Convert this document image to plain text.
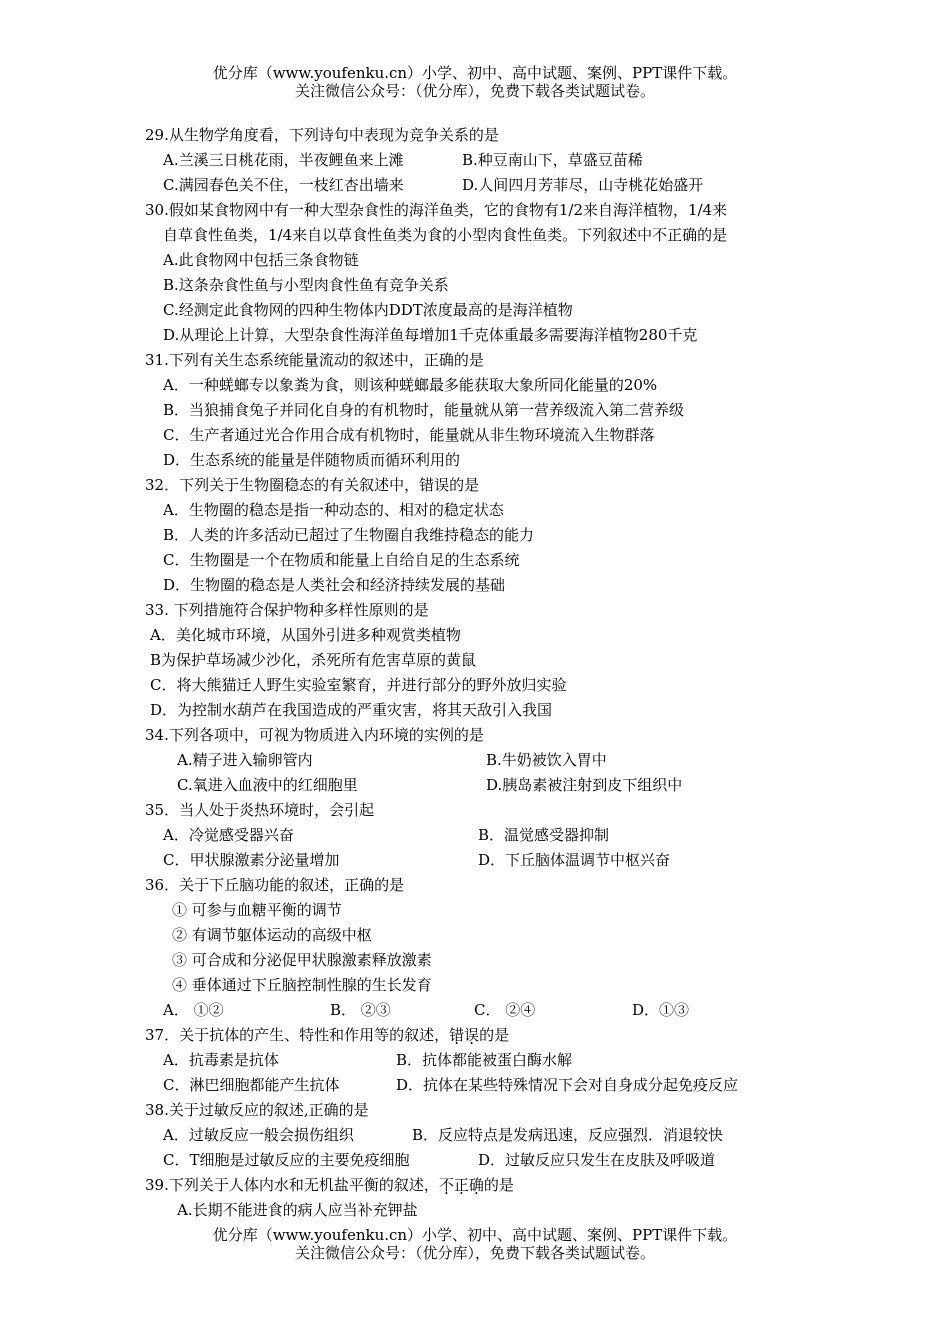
优分库（www.youfenku.cn）小学、初中、高中试题、案例、PPT课件下载。
关注微信公众号：（优分库），免费下载各类试题试卷。
29.从生物学角度看，下列诗句中表现为竞争关系的是
A.兰溪三日桃花雨，半夜鲤鱼来上滩	B.种豆南山下，草盛豆苗稀
C.满园春色关不住，一枝红杏出墙来	D.人间四月芳菲尽，山寺桃花始盛开
30.假如某食物网中有一种大型杂食性的海洋鱼类，它的食物有1/2来自海洋植物，1/4来
自草食性鱼类，1/4来自以草食性鱼类为食的小型肉食性鱼类。下列叙述中不正确的是
A.此食物网中包括三条食物链
B.这条杂食性鱼与小型肉食性鱼有竞争关系
C.经测定此食物网的四种生物体内DDT浓度最高的是海洋植物
D.从理论上计算，大型杂食性海洋鱼每增加1千克体重最多需要海洋植物280千克
31.下列有关生态系统能量流动的叙述中，正确的是
A．一种蜣螂专以象粪为食，则该种蜣螂最多能获取大象所同化能量的20%
B．当狼捕食兔子并同化自身的有机物时，能量就从第一营养级流入第二营养级
C．生产者通过光合作用合成有机物时，能量就从非生物环境流入生物群落
D．生态系统的能量是伴随物质而循环利用的
32．下列关于生物圈稳态的有关叙述中，错误的是
A．生物圈的稳态是指一种动态的、相对的稳定状态
B．人类的许多活动已超过了生物圈自我维持稳态的能力
C．生物圈是一个在物质和能量上自给自足的生态系统
D．生物圈的稳态是人类社会和经济持续发展的基础
33. 下列措施符合保护物种多样性原则的是
A．美化城市环境，从国外引进多种观赏类植物
B为保护草场减少沙化，杀死所有危害草原的黄鼠
C．将大熊猫迁人野生实验室繁育，并进行部分的野外放归实验
D．为控制水葫芦在我国造成的严重灾害，将其天敌引入我国
34.下列各项中，可视为物质进入内环境的实例的是
A.精子进入输卵管内	B.牛奶被饮入胃中
C.氧进入血液中的红细胞里	D.胰岛素被注射到皮下组织中
35．当人处于炎热环境时，会引起
A．冷觉感受器兴奋	B．温觉感受器抑制
C．甲状腺激素分泌量增加	D．下丘脑体温调节中枢兴奋
36．关于下丘脑功能的叙述，正确的是
① 可参与血糖平衡的调节
② 有调节躯体运动的高级中枢
③ 可合成和分泌促甲状腺激素释放激素
④ 垂体通过下丘脑控制性腺的生长发育
A． ①②	B． ②③	C． ②④	D．①③
37．关于抗体的产生、特性和作用等的叙述，错误的是
A．抗毒素是抗体	B．抗体都能被蛋白酶水解
C．淋巴细胞都能产生抗体	D．抗体在某些特殊情况下会对自身成分起免疫反应
38.关于过敏反应的叙述,正确的是
A．过敏反应一般会损伤组织	B．反应特点是发病迅速，反应强烈．消退较快
C．T细胞是过敏反应的主要免疫细胞	D．过敏反应只发生在皮肤及呼吸道
39.下列关于人体内水和无机盐平衡的叙述，不正确的是
A.长期不能进食的病人应当补充钾盐
优分库（www.youfenku.cn）小学、初中、高中试题、案例、PPT课件下载。
关注微信公众号：（优分库），免费下载各类试题试卷。
